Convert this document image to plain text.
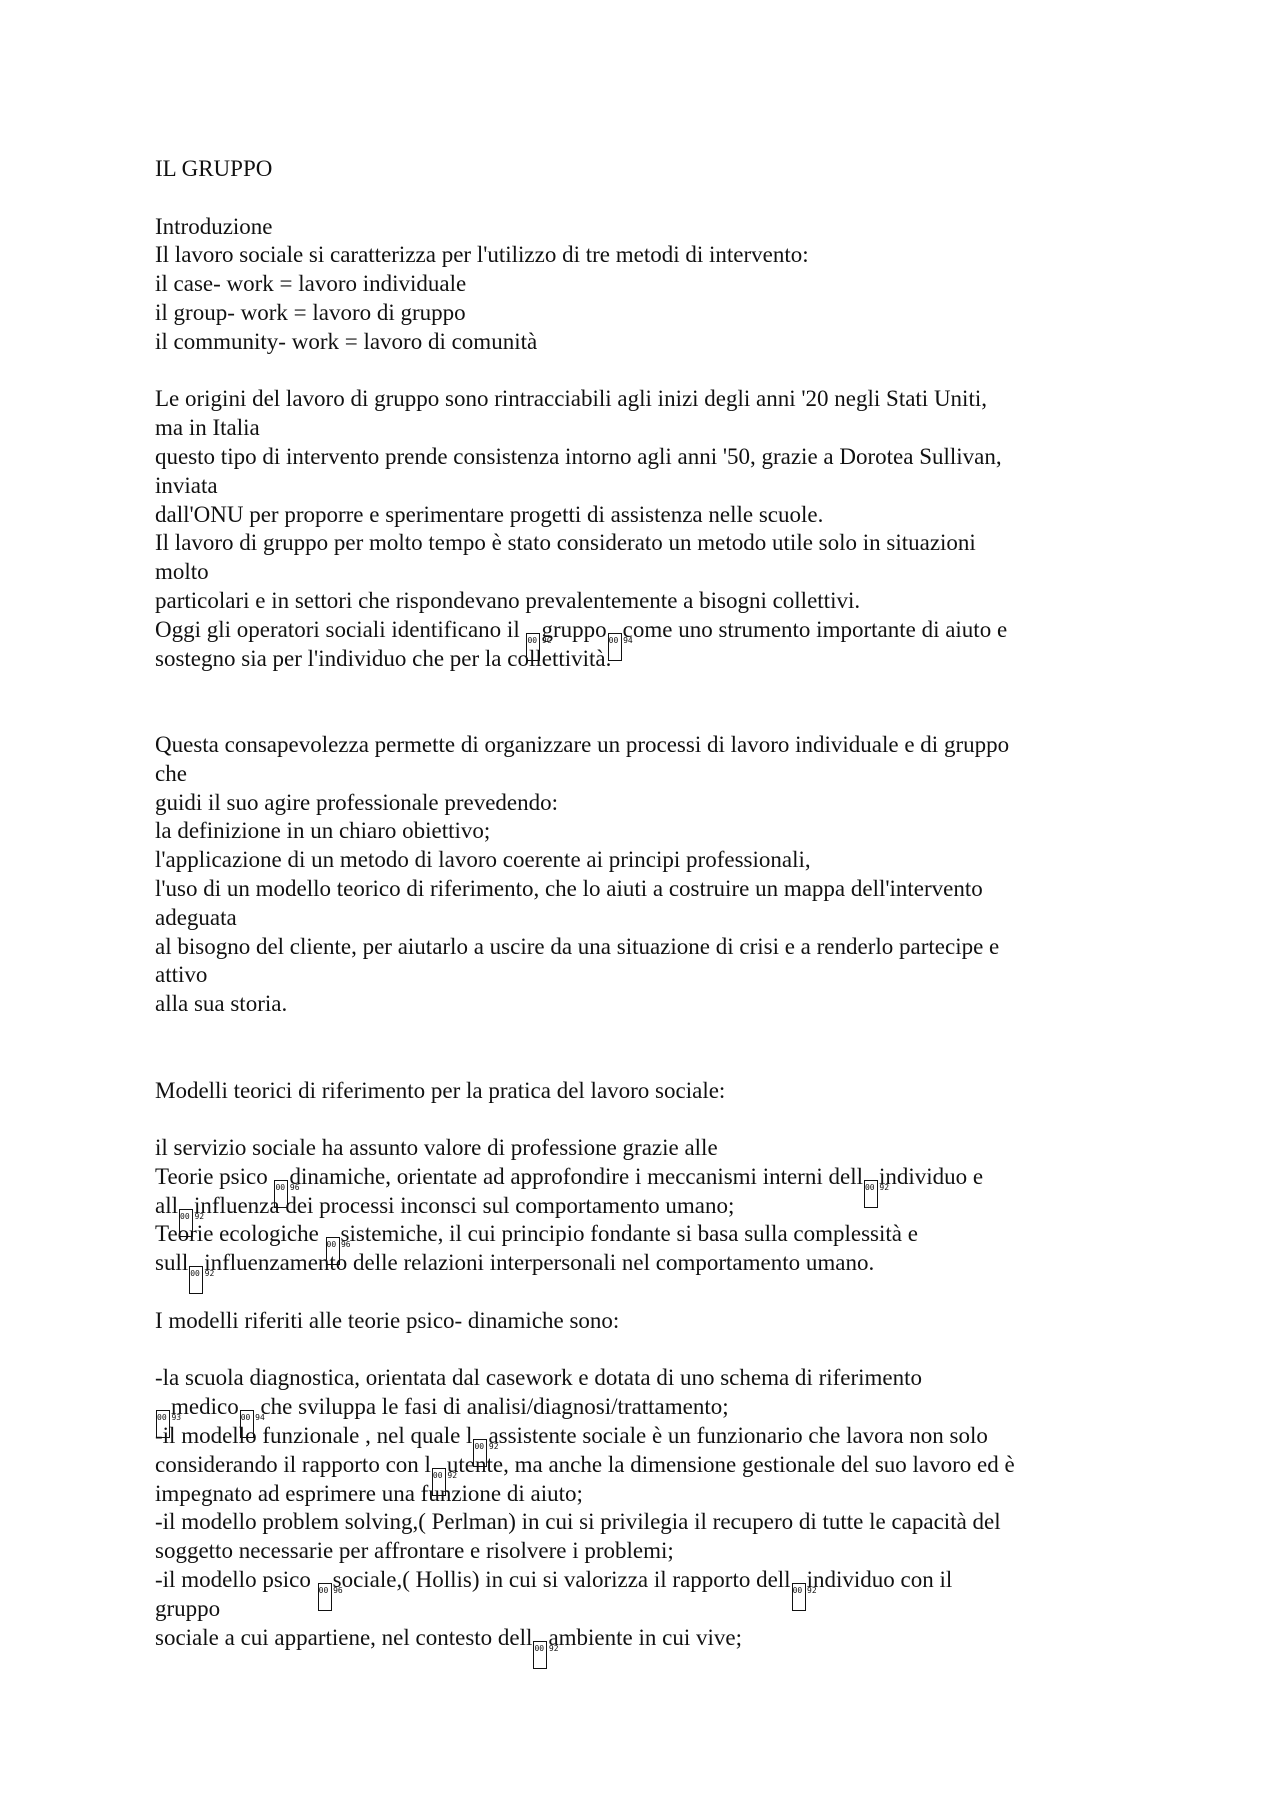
IL GRUPPO
Introduzione
Il lavoro sociale si caratterizza per l'utilizzo di tre metodi di intervento:
il case- work = lavoro individuale
il group- work = lavoro di gruppo
il community- work = lavoro di comunità
Le origini del lavoro di gruppo sono rintracciabili agli inizi degli anni '20 negli Stati Uniti,
ma in Italia
questo tipo di intervento prende consistenza intorno agli anni '50, grazie a Dorotea Sullivan,
inviata
dall'ONU per proporre e sperimentare progetti di assistenza nelle scuole.
Il lavoro di gruppo per molto tempo è stato considerato un metodo utile solo in situazioni
molto
particolari e in settori che rispondevano prevalentemente a bisogni collettivi.
Oggi gli operatori sociali identificano il 00 9Cgruppo 00 94come uno strumento importante di aiuto e
sostegno sia per l'individuo che per la collettività.
Questa consapevolezza permette di organizzare un processi di lavoro individuale e di gruppo
che
guidi il suo agire professionale prevedendo:
la definizione in un chiaro obiettivo;
l'applicazione di un metodo di lavoro coerente ai principi professionali,
l'uso di un modello teorico di riferimento, che lo aiuti a costruire un mappa dell'intervento
adeguata
al bisogno del cliente, per aiutarlo a uscire da una situazione di crisi e a renderlo partecipe e
attivo
alla sua storia.
Modelli teorici di riferimento per la pratica del lavoro sociale:
il servizio sociale ha assunto valore di professione grazie alle
Teorie psico 00 96dinamiche, orientate ad approfondire i meccanismi interni dell 00 92individuo e
all 00 92influenza dei processi inconsci sul comportamento umano;
Teorie ecologiche 00 96sistemiche, il cui principio fondante si basa sulla complessità e
sull 00 92influenzamento delle relazioni interpersonali nel comportamento umano.
I modelli riferiti alle teorie psico- dinamiche sono:
-la scuola diagnostica, orientata dal casework e dotata di uno schema di riferimento
00 93medico 00 94 che sviluppa le fasi di analisi/diagnosi/trattamento;
-il modello funzionale , nel quale l 00 92assistente sociale è un funzionario che lavora non solo
considerando il rapporto con l 00 92utente, ma anche la dimensione gestionale del suo lavoro ed è
impegnato ad esprimere una funzione di aiuto;
-il modello problem solving,( Perlman) in cui si privilegia il recupero di tutte le capacità del
soggetto necessarie per affrontare e risolvere i problemi;
-il modello psico 00 96sociale,( Hollis) in cui si valorizza il rapporto dell 00 92individuo con il
gruppo
sociale a cui appartiene, nel contesto dell 00 92ambiente in cui vive;
